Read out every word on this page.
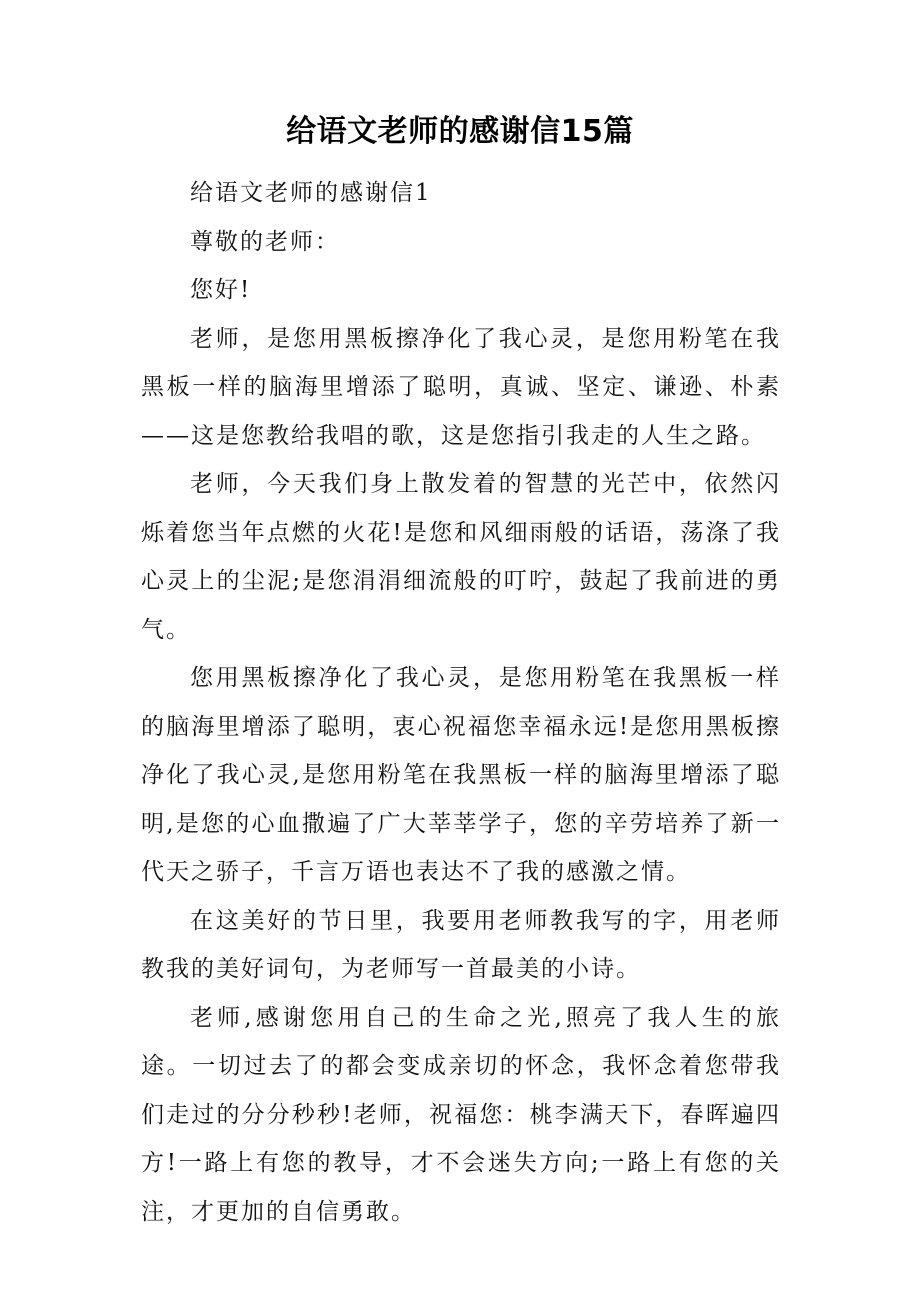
给语文老师的感谢信15篇

给语文老师的感谢信1

尊敬的老师：

您好!

老师，是您用黑板擦净化了我心灵，是您用粉笔在我黑板一样的脑海里增添了聪明，真诚、坚定、谦逊、朴素——这是您教给我唱的歌，这是您指引我走的人生之路。

老师，今天我们身上散发着的智慧的光芒中，依然闪烁着您当年点燃的火花!是您和风细雨般的话语，荡涤了我心灵上的尘泥;是您涓涓细流般的叮咛，鼓起了我前进的勇气。

您用黑板擦净化了我心灵，是您用粉笔在我黑板一样的脑海里增添了聪明，衷心祝福您幸福永远!是您用黑板擦净化了我心灵,是您用粉笔在我黑板一样的脑海里增添了聪明,是您的心血撒遍了广大莘莘学子，您的辛劳培养了新一代天之骄子，千言万语也表达不了我的感激之情。

在这美好的节日里，我要用老师教我写的字，用老师教我的美好词句，为老师写一首最美的小诗。

老师,感谢您用自己的生命之光,照亮了我人生的旅途。一切过去了的都会变成亲切的怀念，我怀念着您带我们走过的分分秒秒!老师，祝福您：桃李满天下，春晖遍四方!一路上有您的教导，才不会迷失方向;一路上有您的关注，才更加的自信勇敢。
